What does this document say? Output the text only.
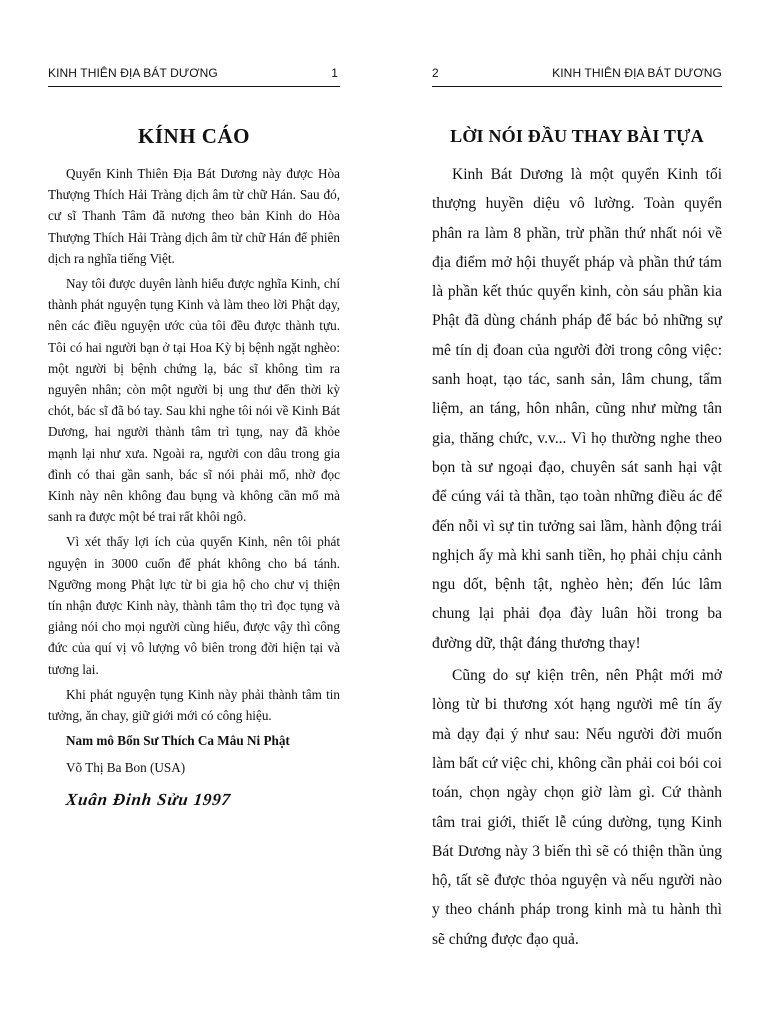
KINH THIÊN ĐỊA BÁT DƯƠNG	1
KÍNH CÁO

Quyển Kinh Thiên Địa Bát Dương này được Hòa Thượng Thích Hải Tràng dịch âm từ chữ Hán. Sau đó, cư sĩ Thanh Tâm đã nương theo bản Kinh do Hòa Thượng Thích Hải Tràng dịch âm từ chữ Hán để phiên dịch ra nghĩa tiếng Việt.

Nay tôi được duyên lành hiểu được nghĩa Kinh, chí thành phát nguyện tụng Kinh và làm theo lời Phật dạy, nên các điều nguyện ước của tôi đều được thành tựu. Tôi có hai người bạn ở tại Hoa Kỳ bị bệnh ngặt nghèo: một người bị bệnh chứng lạ, bác sĩ không tìm ra nguyên nhân; còn một người bị ung thư đến thời kỳ chót, bác sĩ đã bó tay. Sau khi nghe tôi nói về Kinh Bát Dương, hai người thành tâm trì tụng, nay đã khỏe mạnh lại như xưa. Ngoài ra, người con dâu trong gia đình có thai gần sanh, bác sĩ nói phải mổ, nhờ đọc Kinh này nên không đau bụng và không cần mổ mà sanh ra được một bé trai rất khôi ngô.

Vì xét thấy lợi ích của quyển Kinh, nên tôi phát nguyện in 3000 cuốn để phát không cho bá tánh. Ngưỡng mong Phật lực từ bi gia hộ cho chư vị thiện tín nhận được Kinh này, thành tâm thọ trì đọc tụng và giảng nói cho mọi người cùng hiểu, được vậy thì công đức của quí vị vô lượng vô biên trong đời hiện tại và tương lai.

Khi phát nguyện tụng Kinh này phải thành tâm tin tưởng, ăn chay, giữ giới mới có công hiệu.

Nam mô Bổn Sư Thích Ca Mâu Ni Phật

Võ Thị Ba Bon (USA)

Xuân Đinh Sửu 1997

2	KINH THIÊN ĐỊA BÁT DƯƠNG
LỜI NÓI ĐẦU THAY BÀI TỰA

Kinh Bát Dương là một quyển Kinh tối thượng huyền diệu vô lường. Toàn quyển phân ra làm 8 phần, trừ phần thứ nhất nói về địa điểm mở hội thuyết pháp và phần thứ tám là phần kết thúc quyển kinh, còn sáu phần kia Phật đã dùng chánh pháp để bác bỏ những sự mê tín dị đoan của người đời trong công việc: sanh hoạt, tạo tác, sanh sản, lâm chung, tẩm liệm, an táng, hôn nhân, cũng như mừng tân gia, thăng chức, v.v... Vì họ thường nghe theo bọn tà sư ngoại đạo, chuyên sát sanh hại vật để cúng vái tà thần, tạo toàn những điều ác để đến nỗi vì sự tin tưởng sai lầm, hành động trái nghịch ấy mà khi sanh tiền, họ phải chịu cảnh ngu dốt, bệnh tật, nghèo hèn; đến lúc lâm chung lại phải đọa đày luân hồi trong ba đường dữ, thật đáng thương thay!

Cũng do sự kiện trên, nên Phật mới mở lòng từ bi thương xót hạng người mê tín ấy mà dạy đại ý như sau: Nếu người đời muốn làm bất cứ việc chi, không cần phải coi bói coi toán, chọn ngày chọn giờ làm gì. Cứ thành tâm trai giới, thiết lễ cúng dường, tụng Kinh Bát Dương này 3 biến thì sẽ có thiện thần ủng hộ, tất sẽ được thỏa nguyện và nếu người nào y theo chánh pháp trong kinh mà tu hành thì sẽ chứng được đạo quả.
